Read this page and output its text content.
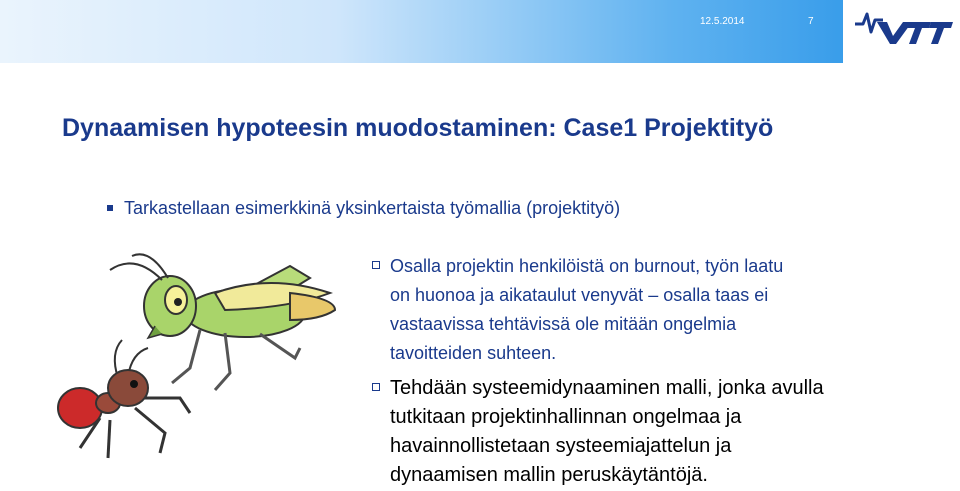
12.5.2014	7
Dynaamisen hypoteesin muodostaminen: Case1 Projektityö
Tarkastellaan esimerkkinä yksinkertaista työmallia (projektityö)
Osalla projektin henkilöistä on burnout, työn laatu
on huonoa ja aikataulut venyvät – osalla taas ei
vastaavissa tehtävissä ole mitään ongelmia
tavoitteiden suhteen.
Tehdään systeemidynaaminen malli, jonka avulla
tutkitaan projektinhallinnan ongelmaa ja
havainnollistetaan systeemiajattelun ja
dynaamisen mallin peruskäytäntöjä.
